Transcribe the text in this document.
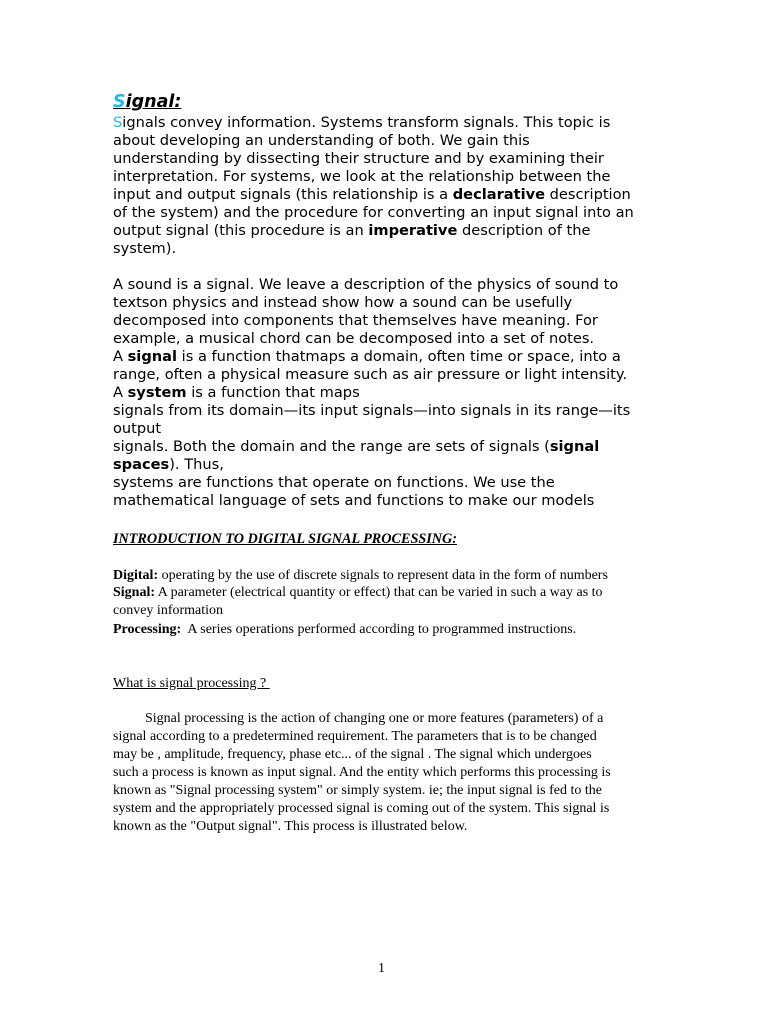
Signal:
Signals convey information. Systems transform signals. This topic is
about developing an understanding of both. We gain this
understanding by dissecting their structure and by examining their
interpretation. For systems, we look at the relationship between the
input and output signals (this relationship is a declarative description
of the system) and the procedure for converting an input signal into an
output signal (this procedure is an imperative description of the
system).
A sound is a signal. We leave a description of the physics of sound to
textson physics and instead show how a sound can be usefully
decomposed into components that themselves have meaning. For
example, a musical chord can be decomposed into a set of notes.
A signal is a function thatmaps a domain, often time or space, into a
range, often a physical measure such as air pressure or light intensity.
A system is a function that maps
signals from its domain—its input signals—into signals in its range—its
output
signals. Both the domain and the range are sets of signals (signal
spaces). Thus,
systems are functions that operate on functions. We use the
mathematical language of sets and functions to make our models
INTRODUCTION TO DIGITAL SIGNAL PROCESSING:
Digital: operating by the use of discrete signals to represent data in the form of numbers
Signal: A parameter (electrical quantity or effect) that can be varied in such a way as to
convey information
Processing:  A series operations performed according to programmed instructions.
What is signal processing ?
Signal processing is the action of changing one or more features (parameters) of a
signal according to a predetermined requirement. The parameters that is to be changed
may be , amplitude, frequency, phase etc... of the signal . The signal which undergoes
such a process is known as input signal. And the entity which performs this processing is
known as "Signal processing system" or simply system. ie; the input signal is fed to the
system and the appropriately processed signal is coming out of the system. This signal is
known as the "Output signal". This process is illustrated below.
1
